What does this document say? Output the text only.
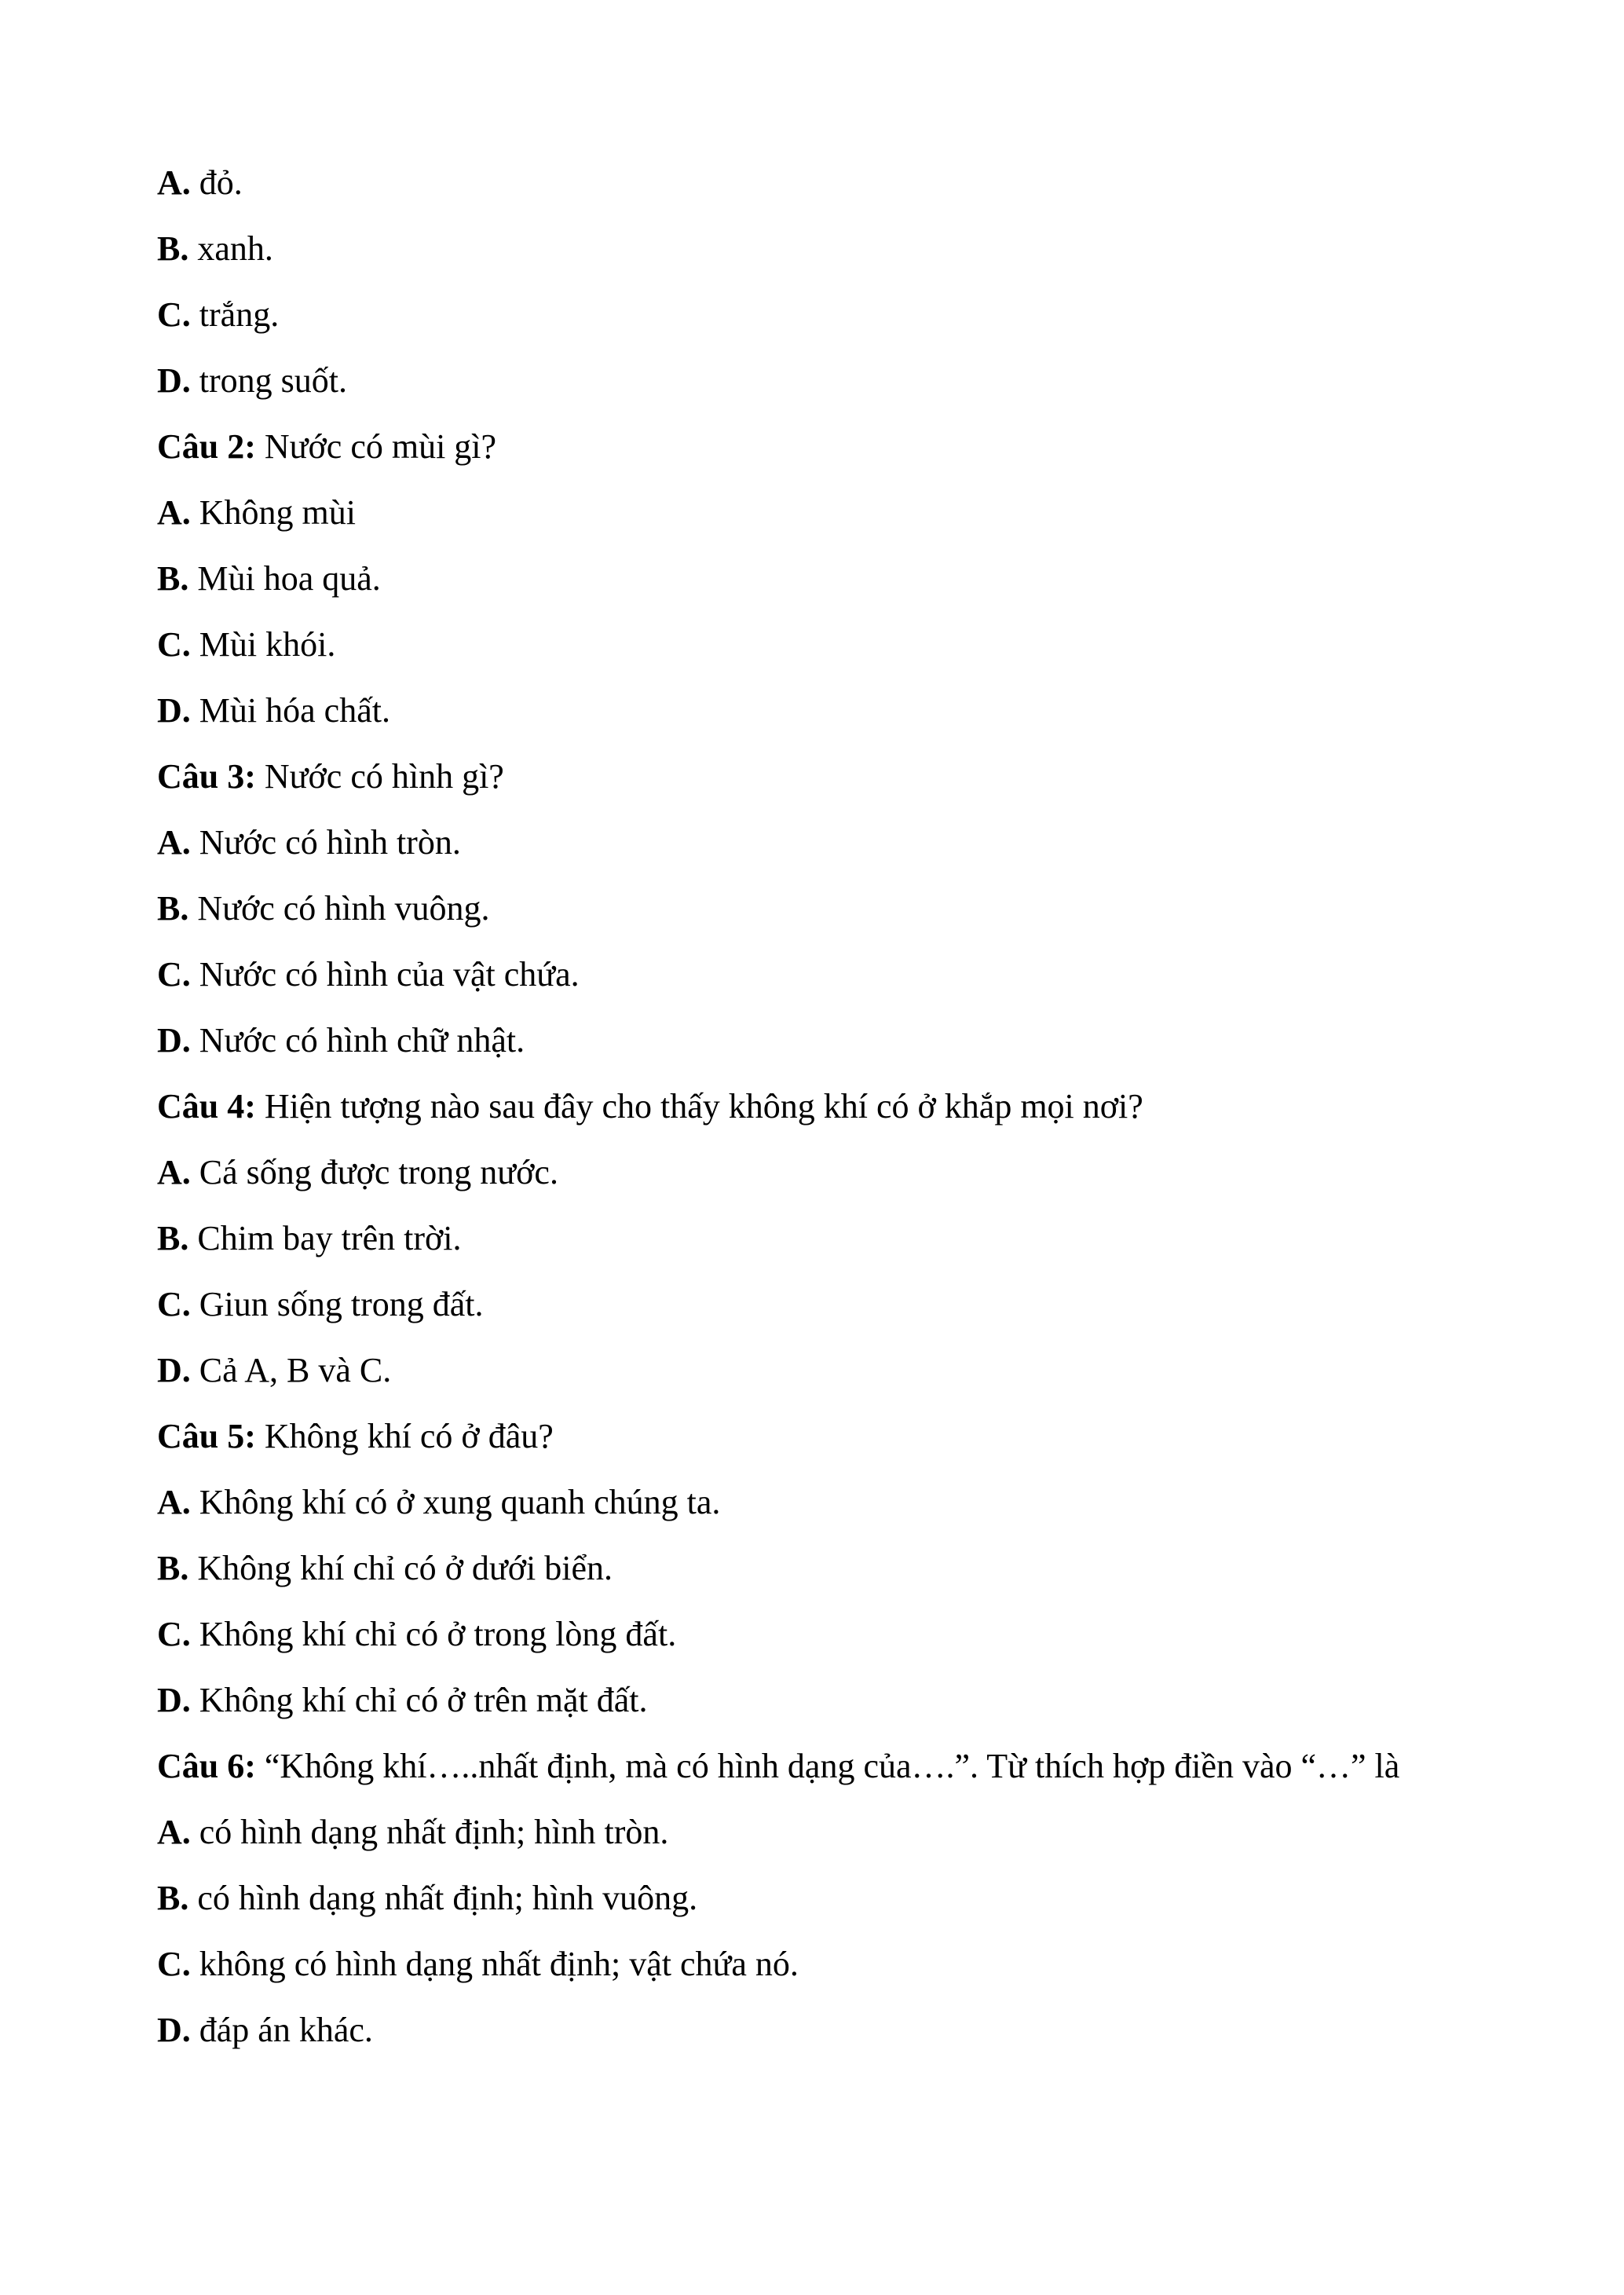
A. đỏ.
B. xanh.
C. trắng.
D. trong suốt.
Câu 2: Nước có mùi gì?
A. Không mùi
B. Mùi hoa quả.
C. Mùi khói.
D. Mùi hóa chất.
Câu 3: Nước có hình gì?
A. Nước có hình tròn.
B. Nước có hình vuông.
C. Nước có hình của vật chứa.
D. Nước có hình chữ nhật.
Câu 4: Hiện tượng nào sau đây cho thấy không khí có ở khắp mọi nơi?
A. Cá sống được trong nước.
B. Chim bay trên trời.
C. Giun sống trong đất.
D. Cả A, B và C.
Câu 5: Không khí có ở đâu?
A. Không khí có ở xung quanh chúng ta.
B. Không khí chỉ có ở dưới biển.
C. Không khí chỉ có ở trong lòng đất.
D. Không khí chỉ có ở trên mặt đất.
Câu 6: “Không khí…..nhất định, mà có hình dạng của….”. Từ thích hợp điền vào “…” là
A. có hình dạng nhất định; hình tròn.
B. có hình dạng nhất định; hình vuông.
C. không có hình dạng nhất định; vật chứa nó.
D. đáp án khác.
